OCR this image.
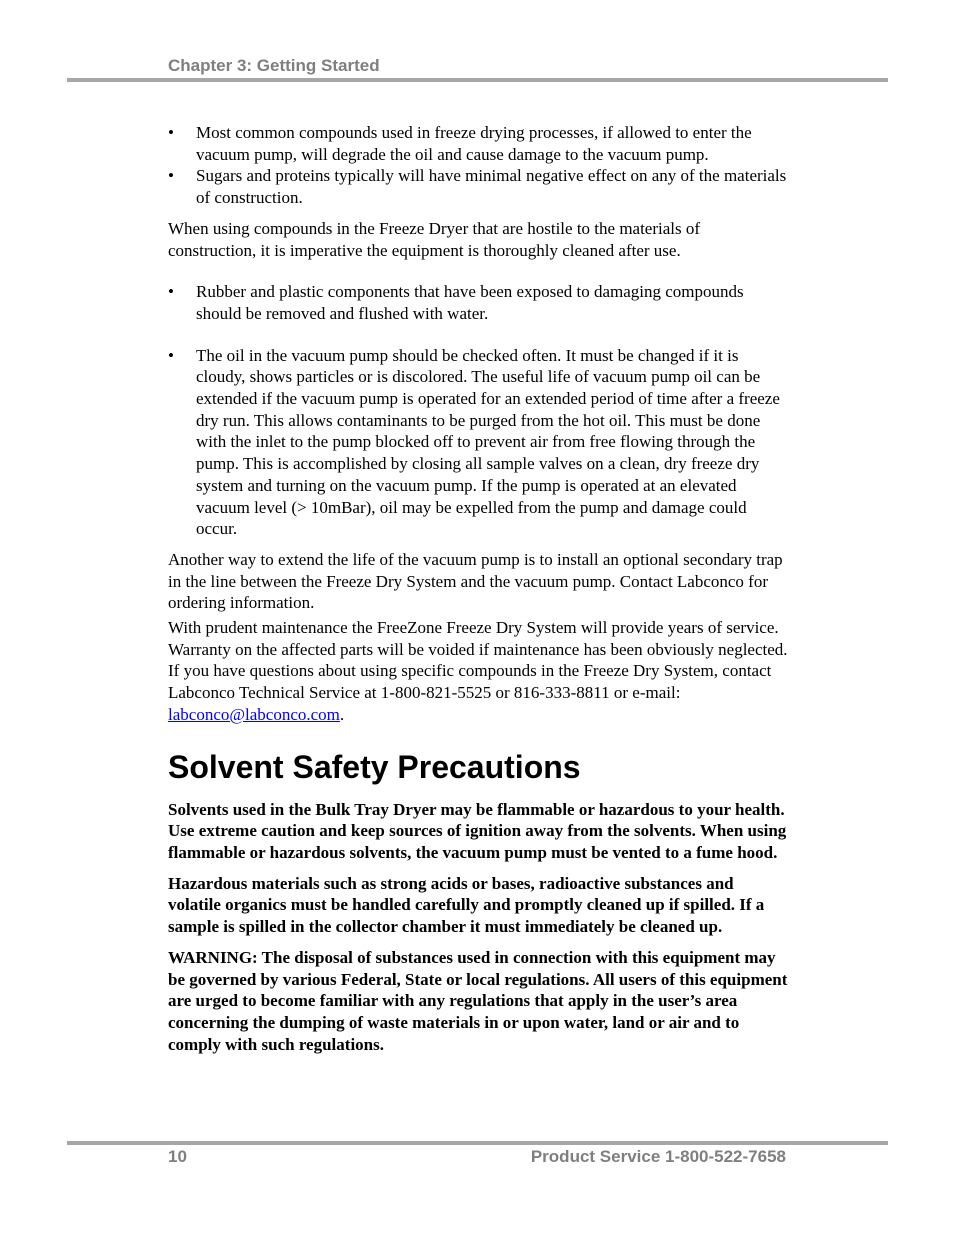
Chapter 3: Getting Started
• Most common compounds used in freeze drying processes, if allowed to enter the vacuum pump, will degrade the oil and cause damage to the vacuum pump.
• Sugars and proteins typically will have minimal negative effect on any of the materials of construction.

When using compounds in the Freeze Dryer that are hostile to the materials of construction, it is imperative the equipment is thoroughly cleaned after use.

• Rubber and plastic components that have been exposed to damaging compounds should be removed and flushed with water.
• The oil in the vacuum pump should be checked often. It must be changed if it is cloudy, shows particles or is discolored. The useful life of vacuum pump oil can be extended if the vacuum pump is operated for an extended period of time after a freeze dry run. This allows contaminants to be purged from the hot oil. This must be done with the inlet to the pump blocked off to prevent air from free flowing through the pump. This is accomplished by closing all sample valves on a clean, dry freeze dry system and turning on the vacuum pump. If the pump is operated at an elevated vacuum level (> 10mBar), oil may be expelled from the pump and damage could occur.

Another way to extend the life of the vacuum pump is to install an optional secondary trap in the line between the Freeze Dry System and the vacuum pump. Contact Labconco for ordering information.

With prudent maintenance the FreeZone Freeze Dry System will provide years of service. Warranty on the affected parts will be voided if maintenance has been obviously neglected. If you have questions about using specific compounds in the Freeze Dry System, contact Labconco Technical Service at 1-800-821-5525 or 816-333-8811 or e-mail: labconco@labconco.com.

Solvent Safety Precautions

Solvents used in the Bulk Tray Dryer may be flammable or hazardous to your health. Use extreme caution and keep sources of ignition away from the solvents. When using flammable or hazardous solvents, the vacuum pump must be vented to a fume hood.

Hazardous materials such as strong acids or bases, radioactive substances and volatile organics must be handled carefully and promptly cleaned up if spilled. If a sample is spilled in the collector chamber it must immediately be cleaned up.

WARNING: The disposal of substances used in connection with this equipment may be governed by various Federal, State or local regulations. All users of this equipment are urged to become familiar with any regulations that apply in the user’s area concerning the dumping of waste materials in or upon water, land or air and to comply with such regulations.

10	Product Service 1-800-522-7658
